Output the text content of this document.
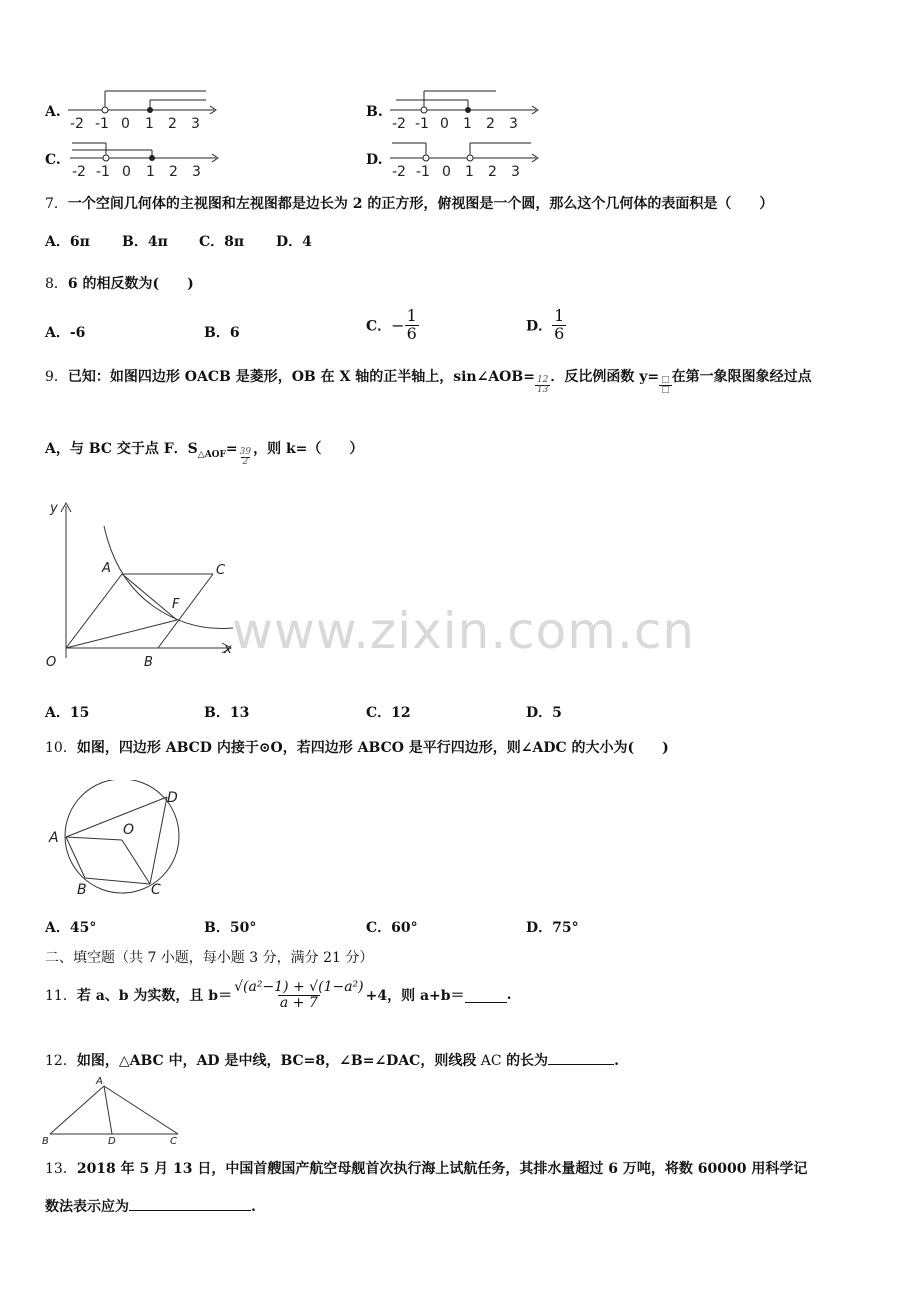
A.
-2 -1 0 1 2 3
B.
-2 -1 0 1 2 3
C.
-2 -1 0 1 2 3
D.
-2 -1 0 1 2 3
7．一个空间几何体的主视图和左视图都是边长为 2 的正方形，俯视图是一个圆，那么这个几何体的表面积是（　　）
A．6π B．4π C．8π D．4
8．6 的相反数为(　　)
A．-6	B．6	C．− $\frac{1}{6}$	D． $\frac{1}{6}$
9．已知：如图四边形 OACB 是菱形，OB 在 X 轴的正半轴上，sin∠AOB= $\frac{12}{13}$ ．反比例函数 $y= \frac{□}{□}$ 在第一象限图象经过点
A，与 BC 交于点 F．$S_{\triangle AOF}= \frac{39}{2}$ ，则 k=（　　）
y
x
O
A	C
F
B
A．15	B．13	C．12	D．5
www.zixin.com.cn
10．如图，四边形 ABCD 内接于⊙O，若四边形 ABCO 是平行四边形，则∠ADC 的大小为(　　)
A
B	C
D
O
A．45°	B．50°	C．60°	D．75°
二、填空题（共 7 小题，每小题 3 分，满分 21 分）
11．若 a、b 为实数，且 $b= \frac{\text{√(a²−1) + √(1−a²)}}{a + 7} +4$，则 a+b＝	.
12．如图，△ABC 中，AD 是中线，BC=8，∠B=∠DAC，则线段 AC 的长为	.
A
B	D	C
13．2018 年 5 月 13 日，中国首艘国产航空母舰首次执行海上试航任务，其排水量超过 6 万吨，将数 60000 用科学记
数法表示应为	.
